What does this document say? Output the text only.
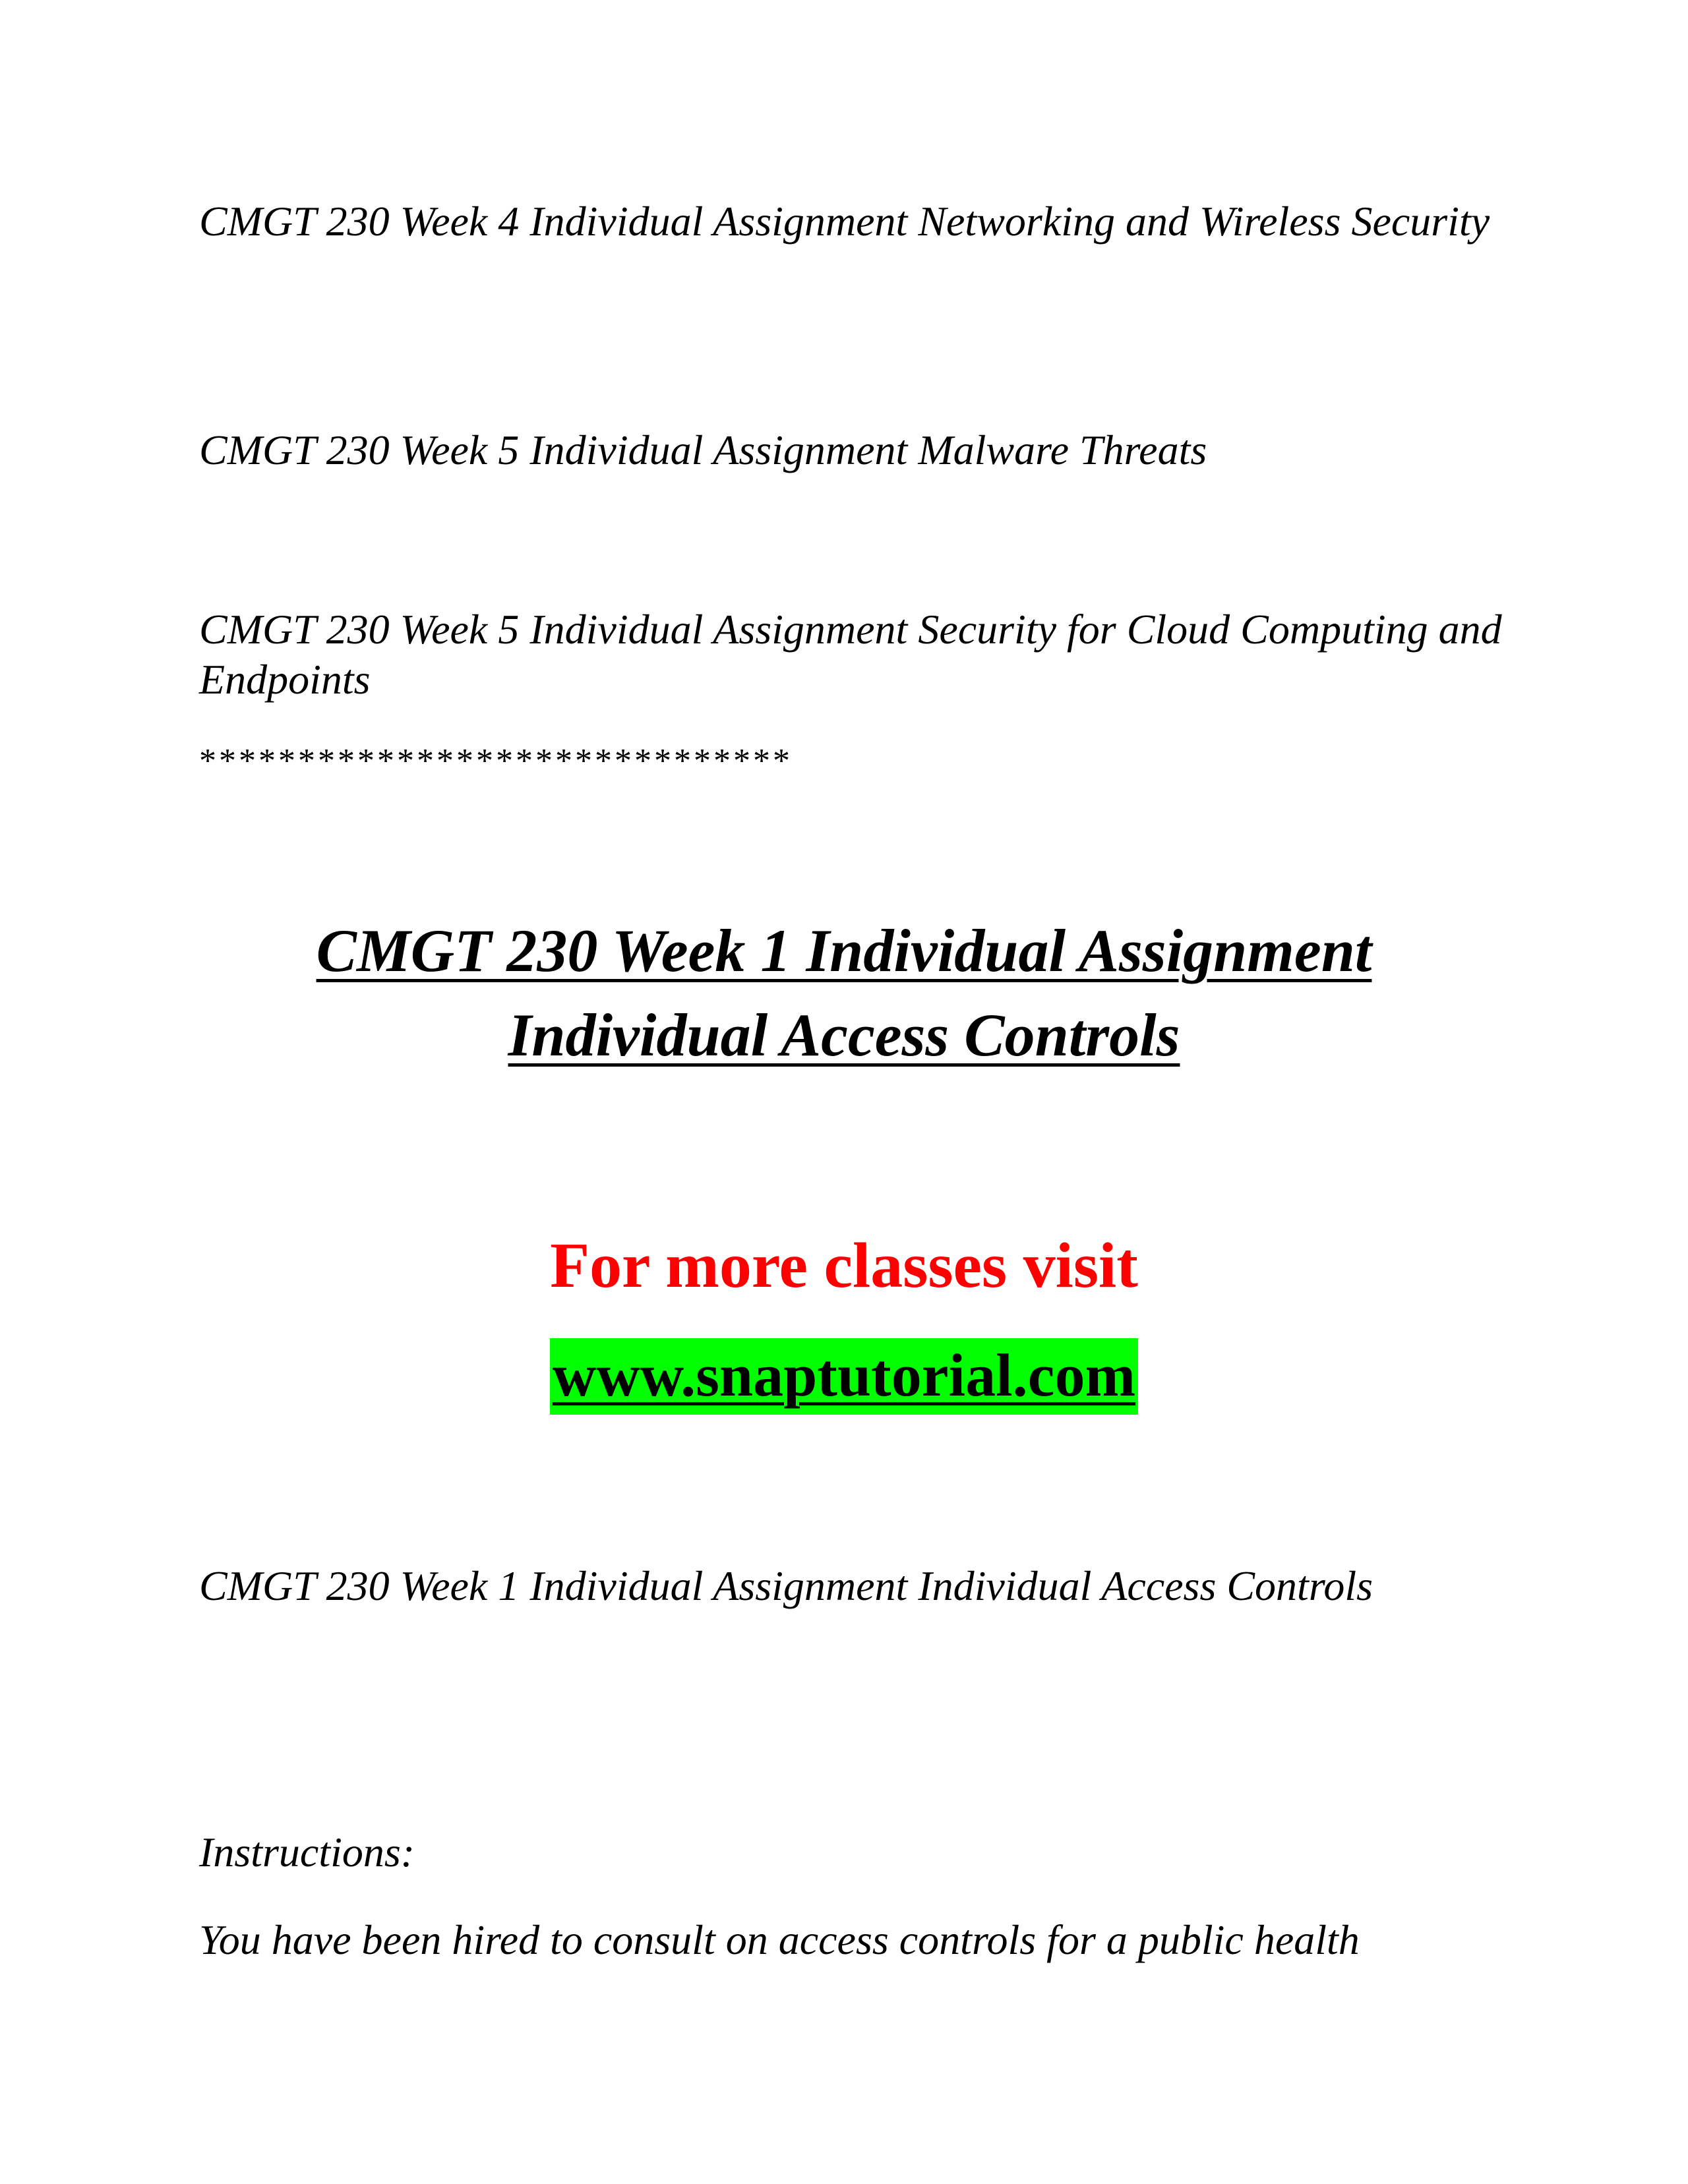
CMGT 230 Week 4 Individual Assignment Networking and Wireless Security

CMGT 230 Week 5 Individual Assignment Malware Threats

CMGT 230 Week 5 Individual Assignment Security for Cloud Computing and Endpoints

******************************

CMGT 230 Week 1 Individual Assignment
Individual Access Controls

For more classes visit

www.snaptutorial.com

CMGT 230 Week 1 Individual Assignment Individual Access Controls

Instructions:

You have been hired to consult on access controls for a public health
